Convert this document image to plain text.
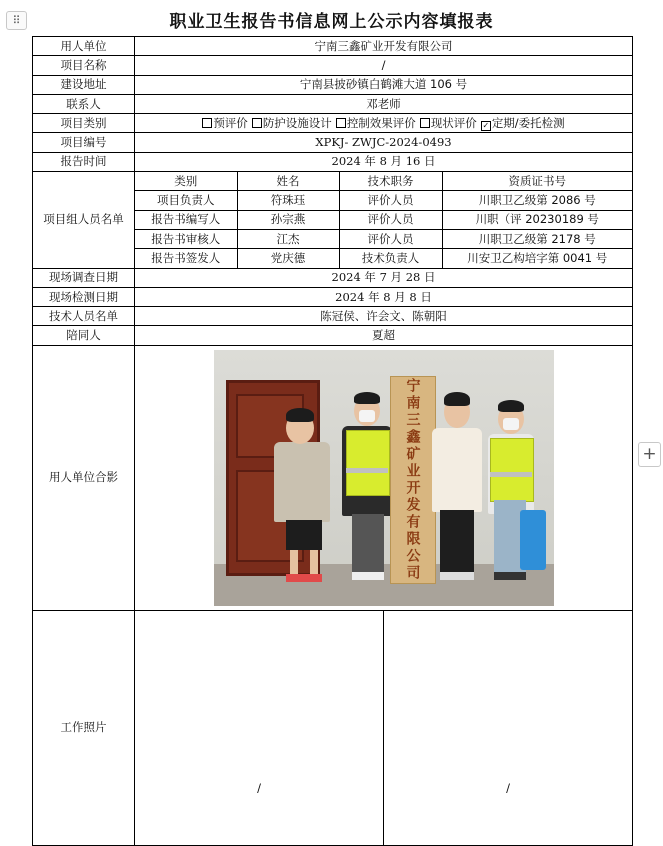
⠿
+
职业卫生报告书信息网上公示内容填报表
用人单位	宁南三鑫矿业开发有限公司
项目名称	/
建设地址	宁南县披砂镇白鹤滩大道 106 号
联系人	邓老师
项目类别	预评价 防护设施设计 控制效果评价 现状评价 ✓ 定期/委托检测
项目编号	XPKJ- ZWJC-2024-0493
报告时间	2024 年 8 月 16 日
项目组人员名单	
类别	姓名	技术职务	资质证书号
项目负责人	符珠珏	评价人员	川职卫乙级第 2086 号
报告书编写人	孙宗燕	评价人员	川职（评 20230189 号
报告书审核人	江杰	评价人员	川职卫乙级第 2178 号
报告书签发人	党庆德	技术负责人	川安卫乙构培字第 0041 号

现场调查日期	2024 年 7 月 28 日
现场检测日期	2024 年 8 月 8 日
技术人员名单	陈冠侯、许会文、陈朝阳
陪同人	夏超
用人单位合影	宁南三鑫矿业开发有限公司

工作照片	/	/
